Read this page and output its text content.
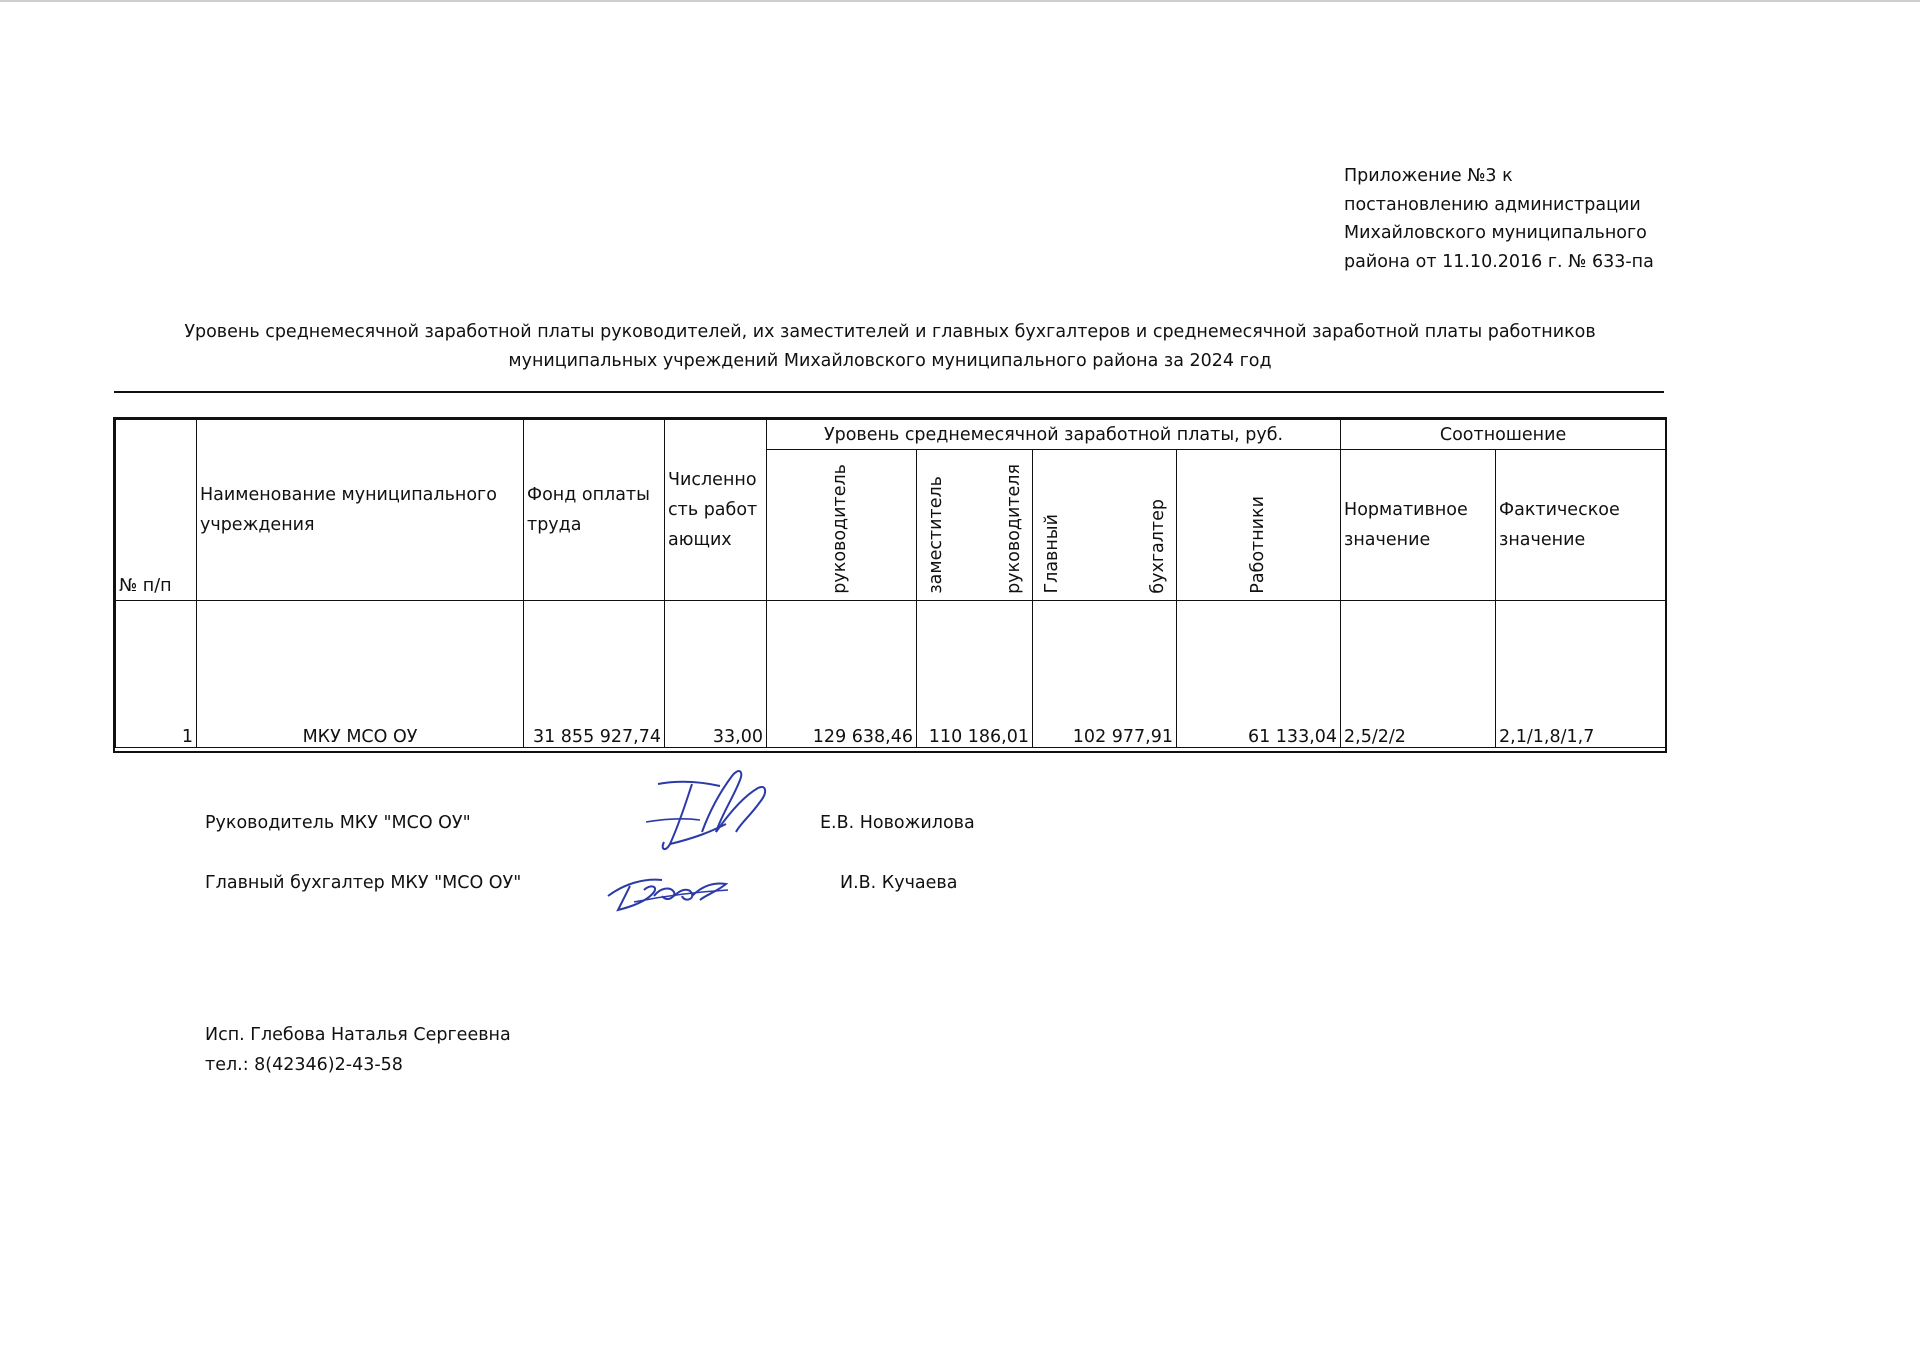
Приложение №3 к
постановлению администрации
Михайловского муниципального
района от 11.10.2016 г. № 633-па
Уровень среднемесячной заработной платы руководителей, их заместителей и главных бухгалтеров и среднемесячной заработной платы работников
муниципальных учреждений Михайловского муниципального района за 2024 год
№ п/п	Наименование муниципального учреждения	Фонд оплаты труда	Численность работающих	Уровень среднемесячной заработной платы, руб.				Соотношение	

				руководитель	заместитель руководителя	Главный бухгалтер	Работники	Нормативное значение	Фактическое значение
1	МКУ МСО ОУ	31 855 927,74	33,00	129 638,46	110 186,01	102 977,91	61 133,04	2,5/2/2	2,1/1,8/1,7
Руководитель МКУ "МСО ОУ"	Е.В. Новожилова
Главный бухгалтер МКУ "МСО ОУ"	И.В. Кучаева
Исп. Глебова Наталья Сергеевна
тел.: 8(42346)2-43-58
